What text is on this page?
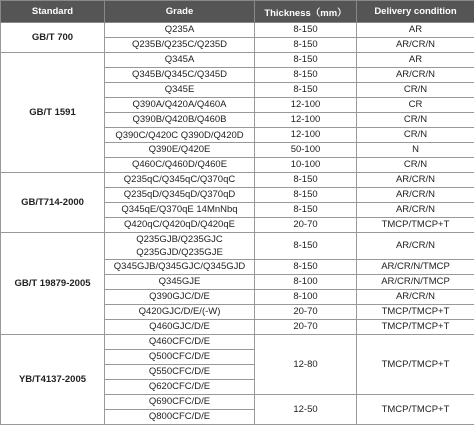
Standard	Grade	Thickness（mm）	Delivery condition
GB/T 700	Q235A	8-150	AR
	Q235B/Q235C/Q235D	8-150	AR/CR/N
GB/T 1591	Q345A	8-150	AR
	Q345B/Q345C/Q345D	8-150	AR/CR/N
	Q345E	8-150	CR/N
	Q390A/Q420A/Q460A	12-100	CR
	Q390B/Q420B/Q460B	12-100	CR/N
	Q390C/Q420C Q390D/Q420D	12-100	CR/N
	Q390E/Q420E	50-100	N
	Q460C/Q460D/Q460E	10-100	CR/N
GB/T714-2000	Q235qC/Q345qC/Q370qC	8-150	AR/CR/N
	Q235qD/Q345qD/Q370qD	8-150	AR/CR/N
	Q345qE/Q370qE 14MnNbq	8-150	AR/CR/N
	Q420qC/Q420qD/Q420qE	20-70	TMCP/TMCP+T
GB/T 19879-2005	Q235GJB/Q235GJC Q235GJD/Q235GJE	8-150	AR/CR/N
	Q345GJB/Q345GJC/Q345GJD	8-150	AR/CR/N/TMCP
	Q345GJE	8-100	AR/CR/N/TMCP
	Q390GJC/D/E	8-100	AR/CR/N
	Q420GJC/D/E/(-W)	20-70	TMCP/TMCP+T
	Q460GJC/D/E	20-70	TMCP/TMCP+T
YB/T4137-2005	Q460CFC/D/E	12-80	TMCP/TMCP+T
	Q500CFC/D/E		
	Q550CFC/D/E		
	Q620CFC/D/E		
	Q690CFC/D/E	12-50	TMCP/TMCP+T
	Q800CFC/D/E		
